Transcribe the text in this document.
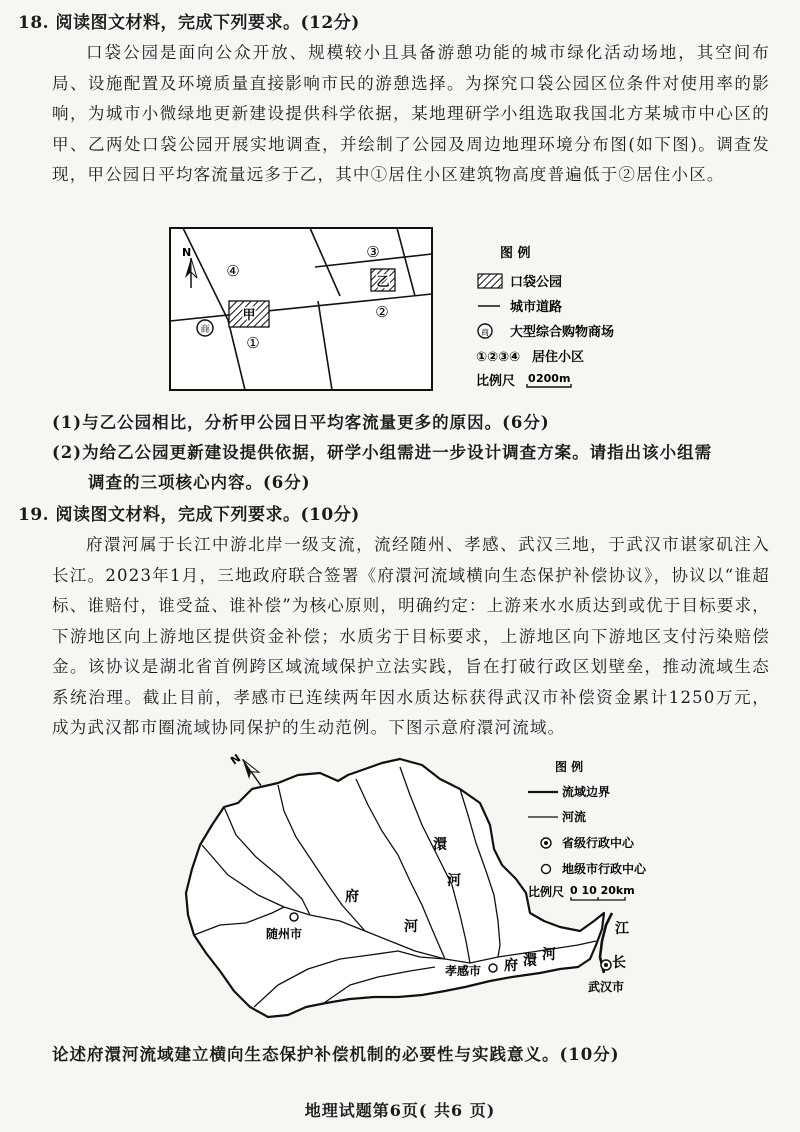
18. 阅读图文材料，完成下列要求。(12分)
口袋公园是面向公众开放、规模较小且具备游憩功能的城市绿化活动场地，其空间布局、设施配置及环境质量直接影响市民的游憩选择。为探究口袋公园区位条件对使用率的影响，为城市小微绿地更新建设提供科学依据，某地理研学小组选取我国北方某城市中心区的甲、乙两处口袋公园开展实地调查，并绘制了公园及周边地理环境分布图(如下图)。调查发现，甲公园日平均客流量远多于乙，其中①居住小区建筑物高度普遍低于②居住小区。
N
④
甲
商
①
③
乙
②
图 例
口袋公园
城市道路
商 大型综合购物商场
①②③④ 居住小区
比例尺 0 200m
(1)与乙公园相比，分析甲公园日平均客流量更多的原因。(6分)
(2)为给乙公园更新建设提供依据，研学小组需进一步设计调查方案。请指出该小组需
调查的三项核心内容。(6分)
19. 阅读图文材料，完成下列要求。(10分)
府澴河属于长江中游北岸一级支流，流经随州、孝感、武汉三地，于武汉市谌家矶注入长江。2023年1月，三地政府联合签署《府澴河流域横向生态保护补偿协议》，协议以“谁超标、谁赔付，谁受益、谁补偿”为核心原则，明确约定：上游来水水质达到或优于目标要求，下游地区向上游地区提供资金补偿；水质劣于目标要求，上游地区向下游地区支付污染赔偿金。该协议是湖北省首例跨区域流域保护立法实践，旨在打破行政区划壁垒，推动流域生态系统治理。截止目前，孝感市已连续两年因水质达标获得武汉市补偿资金累计1250万元，成为武汉都市圈流域协同保护的生动范例。下图示意府澴河流域。
N
澴
河
府
河
府 澴 河
江
长
随州市
孝感市
武汉市
图 例
流域边界
河流
省级行政中心
地级市行政中心
比例尺 0 10 20km
论述府澴河流域建立横向生态保护补偿机制的必要性与实践意义。(10分)
地理试题第6页( 共6 页)
